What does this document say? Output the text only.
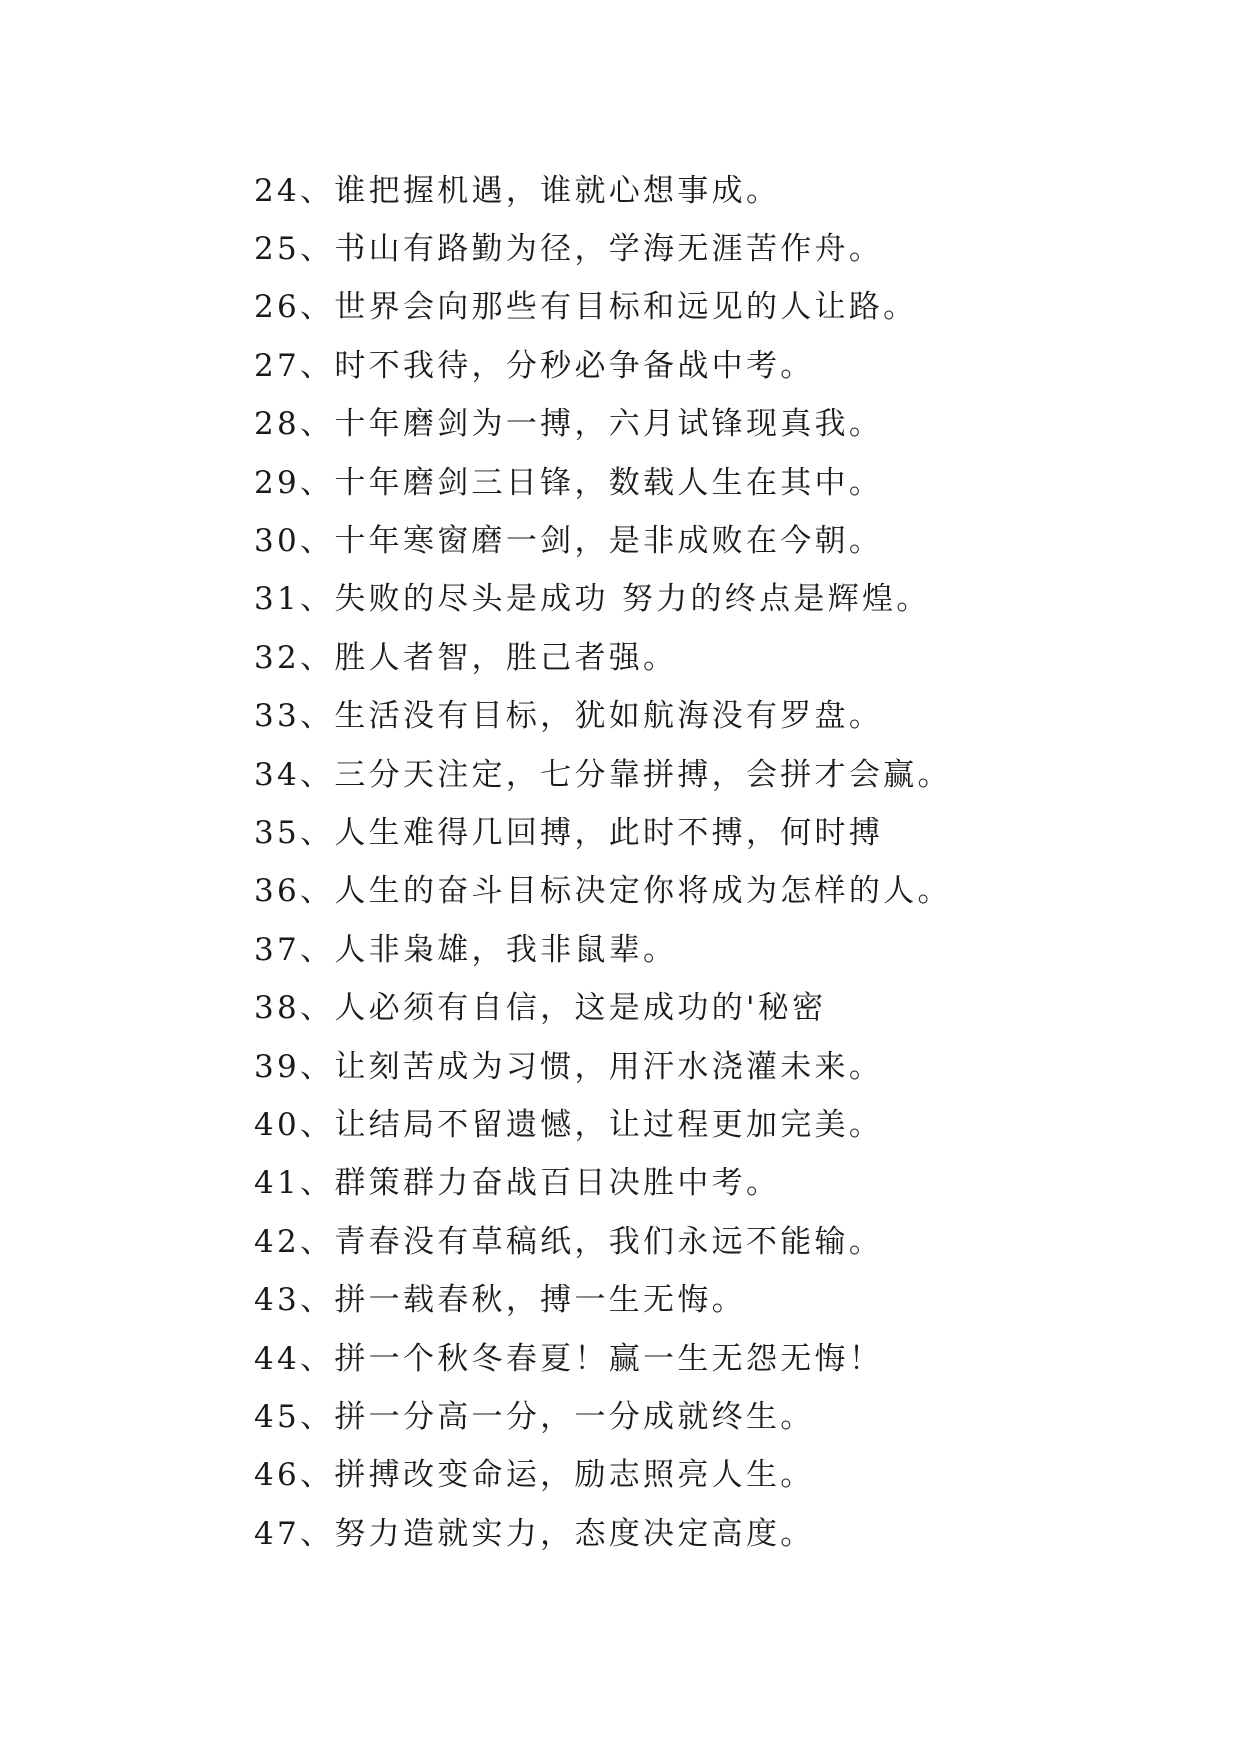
24、谁把握机遇，谁就心想事成。
25、书山有路勤为径，学海无涯苦作舟。
26、世界会向那些有目标和远见的人让路。
27、时不我待，分秒必争备战中考。
28、十年磨剑为一搏，六月试锋现真我。
29、十年磨剑三日锋，数载人生在其中。
30、十年寒窗磨一剑，是非成败在今朝。
31、失败的尽头是成功 努力的终点是辉煌。
32、胜人者智，胜己者强。
33、生活没有目标，犹如航海没有罗盘。
34、三分天注定，七分靠拼搏，会拼才会赢。
35、人生难得几回搏，此时不搏，何时搏
36、人生的奋斗目标决定你将成为怎样的人。
37、人非枭雄，我非鼠辈。
38、人必须有自信，这是成功的'秘密
39、让刻苦成为习惯，用汗水浇灌未来。
40、让结局不留遗憾，让过程更加完美。
41、群策群力奋战百日决胜中考。
42、青春没有草稿纸，我们永远不能输。
43、拼一载春秋，搏一生无悔。
44、拼一个秋冬春夏！赢一生无怨无悔！
45、拼一分高一分，一分成就终生。
46、拼搏改变命运，励志照亮人生。
47、努力造就实力，态度决定高度。
